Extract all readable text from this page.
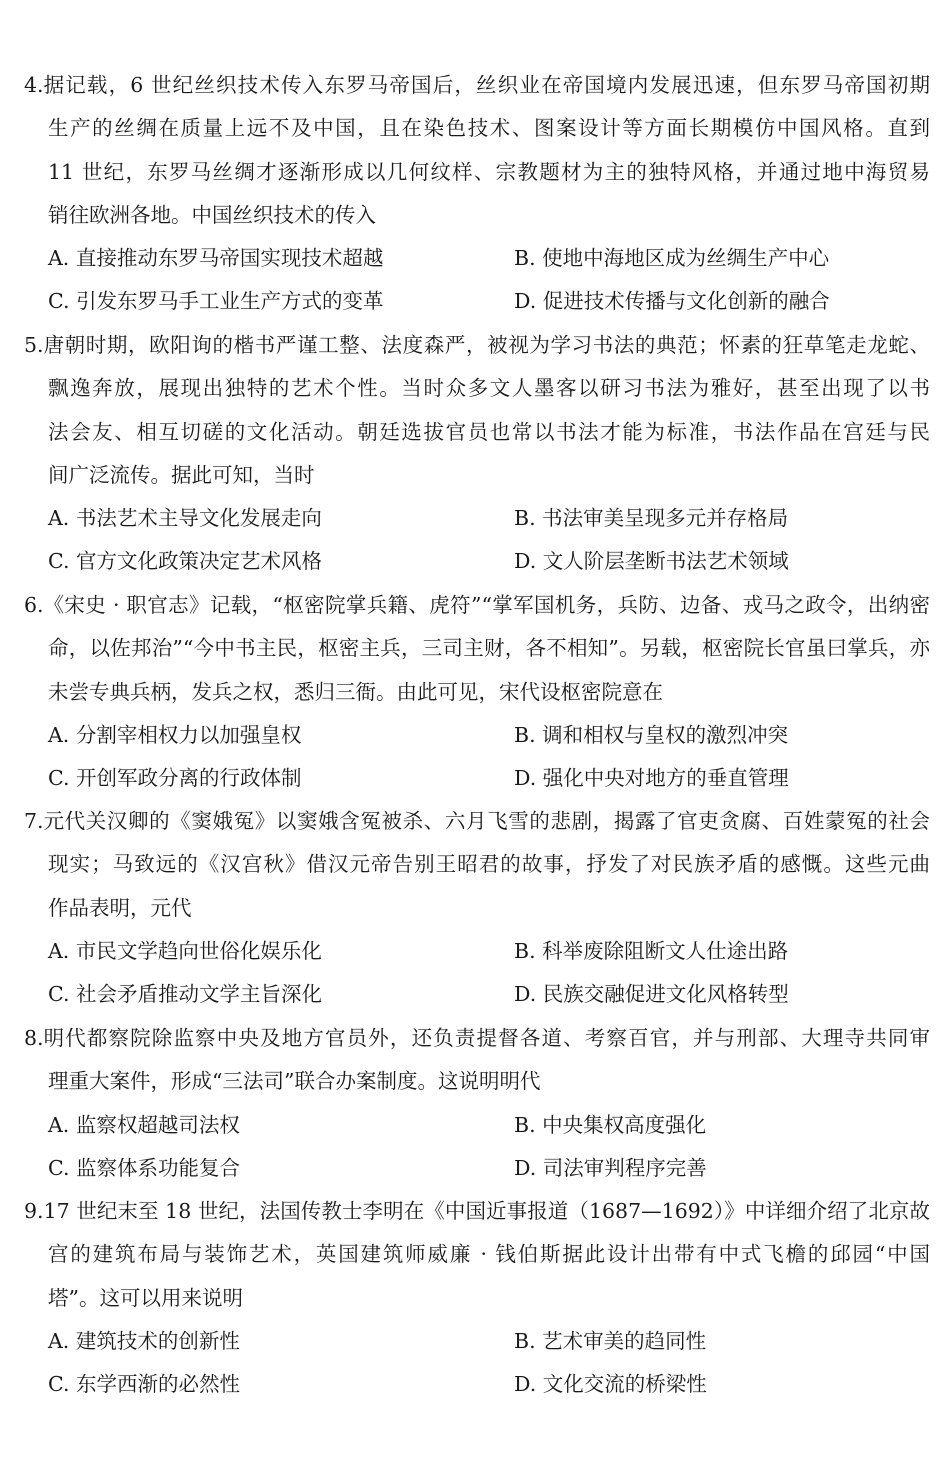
4. 据记载，6 世纪丝织技术传入东罗马帝国后，丝织业在帝国境内发展迅速，但东罗马帝国初期
生产的丝绸在质量上远不及中国，且在染色技术、图案设计等方面长期模仿中国风格。直到
11 世纪，东罗马丝绸才逐渐形成以几何纹样、宗教题材为主的独特风格，并通过地中海贸易
销往欧洲各地。中国丝织技术的传入
A. 直接推动东罗马帝国实现技术超越	B. 使地中海地区成为丝绸生产中心
C. 引发东罗马手工业生产方式的变革	D. 促进技术传播与文化创新的融合
5. 唐朝时期，欧阳询的楷书严谨工整、法度森严，被视为学习书法的典范；怀素的狂草笔走龙蛇、
飘逸奔放，展现出独特的艺术个性。当时众多文人墨客以研习书法为雅好，甚至出现了以书
法会友、相互切磋的文化活动。朝廷选拔官员也常以书法才能为标准，书法作品在宫廷与民
间广泛流传。据此可知，当时
A. 书法艺术主导文化发展走向	B. 书法审美呈现多元并存格局
C. 官方文化政策决定艺术风格	D. 文人阶层垄断书法艺术领域
6. 《宋史 · 职官志》记载，“枢密院掌兵籍、虎符”“掌军国机务，兵防、边备、戎马之政令，出纳密
命，以佐邦治”“今中书主民，枢密主兵，三司主财，各不相知”。另载，枢密院长官虽曰掌兵，亦
未尝专典兵柄，发兵之权，悉归三衙。由此可见，宋代设枢密院意在
A. 分割宰相权力以加强皇权	B. 调和相权与皇权的激烈冲突
C. 开创军政分离的行政体制	D. 强化中央对地方的垂直管理
7. 元代关汉卿的《窦娥冤》以窦娥含冤被杀、六月飞雪的悲剧，揭露了官吏贪腐、百姓蒙冤的社会
现实；马致远的《汉宫秋》借汉元帝告别王昭君的故事，抒发了对民族矛盾的感慨。这些元曲
作品表明，元代
A. 市民文学趋向世俗化娱乐化	B. 科举废除阻断文人仕途出路
C. 社会矛盾推动文学主旨深化	D. 民族交融促进文化风格转型
8. 明代都察院除监察中央及地方官员外，还负责提督各道、考察百官，并与刑部、大理寺共同审
理重大案件，形成“三法司”联合办案制度。这说明明代
A. 监察权超越司法权	B. 中央集权高度强化
C. 监察体系功能复合	D. 司法审判程序完善
9. 17 世纪末至 18 世纪，法国传教士李明在《中国近事报道（1687—1692）》中详细介绍了北京故
宫的建筑布局与装饰艺术，英国建筑师威廉 · 钱伯斯据此设计出带有中式飞檐的邱园“中国
塔”。这可以用来说明
A. 建筑技术的创新性	B. 艺术审美的趋同性
C. 东学西渐的必然性	D. 文化交流的桥梁性
